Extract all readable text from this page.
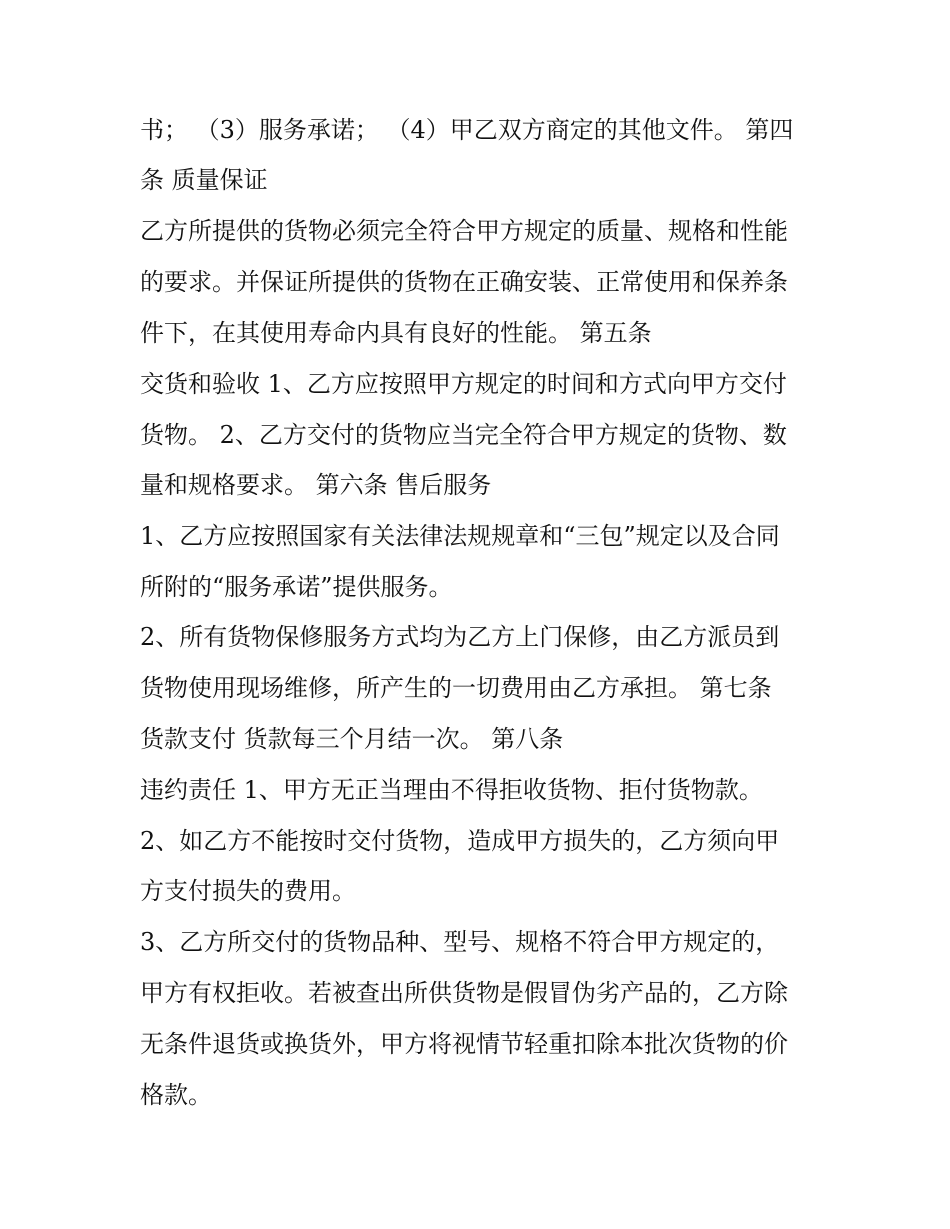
书； （3）服务承诺； （4）甲乙双方商定的其他文件。 第四
条 质量保证
乙方所提供的货物必须完全符合甲方规定的质量、规格和性能
的要求。并保证所提供的货物在正确安装、正常使用和保养条
件下，在其使用寿命内具有良好的性能。 第五条
交货和验收 1、乙方应按照甲方规定的时间和方式向甲方交付
货物。 2、乙方交付的货物应当完全符合甲方规定的货物、数
量和规格要求。 第六条 售后服务
1、乙方应按照国家有关法律法规规章和“三包”规定以及合同
所附的“服务承诺”提供服务。
2、所有货物保修服务方式均为乙方上门保修，由乙方派员到
货物使用现场维修，所产生的一切费用由乙方承担。 第七条
货款支付 货款每三个月结一次。 第八条
违约责任 1、甲方无正当理由不得拒收货物、拒付货物款。
2、如乙方不能按时交付货物，造成甲方损失的，乙方须向甲
方支付损失的费用。
3、乙方所交付的货物品种、型号、规格不符合甲方规定的，
甲方有权拒收。若被查出所供货物是假冒伪劣产品的，乙方除
无条件退货或换货外，甲方将视情节轻重扣除本批次货物的价
格款。
